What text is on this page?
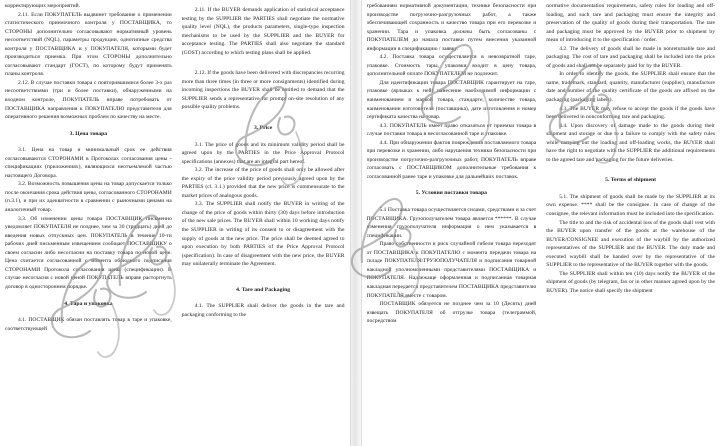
корректирующих мероприятий.

2.11. Если ПОКУПАТЕЛЬ выдвинет требование о применении статистического приемочного контроля у ПОСТАВЩИКА, то СТОРОНЫ дополнительно согласовывают нормативный уровень несоответствий (NQL), параметры продукции, однотипные средства контроля у ПОСТАВЩИКА и у ПОКУПАТЕЛЯ, которыми будет производиться приемка. При этом СТОРОНЫ дополнительно согласовывают стандарт (ГОСТ), по которому будут применять планы контроля.

2.12. В случае поставки товара с повторившимися более 3-х раз несоответствиями (три и более поставки), обнаруженными на входном контроле, ПОКУПАТЕЛЬ вправе потребовать от ПОСТАВЩИКА направления к ПОКУПАТЕЛЮ представителя для оперативного решения возможных проблем по качеству на месте.

3. Цена товара

3.1. Цена на товар и минимальный срок ее действия согласовываются СТОРОНАМИ в Протоколах согласования цены - спецификациях (приложениях), являющихся неотъемлемой частью настоящего Договора.

3.2. Возможность повышения цены на товар допускается только после окончания срока действия цены, согласованного СТОРОНАМИ (п.3.1), и при их адекватности в сравнении с рыночными ценами на аналогичный товар.

3.3. Об изменении цены товара ПОСТАВЩИК письменно уведомляет ПОКУПАТЕЛЯ не позднее, чем за 30 (тридцать) дней до введения новых отпускных цен. ПОКУПАТЕЛЬ в течение 10-ти рабочих дней письменным извещением сообщает ПОСТАВЩИКУ о своем согласии либо несогласии на поставку товара по новой цене. Цена считается согласованной с момента обоюдного подписания СТОРОНАМИ Протокола согласования цены (спецификации). В случае несогласия с новой ценой ПОКУПАТЕЛЬ вправе расторгнуть договор в одностороннем порядке.

4. Тара и упаковка

4.1. ПОСТАВЩИК обязан поставлять товар в таре и упаковке, соответствующей

2.11. If the BUYER demands application of statistical acceptance testing by the SUPPLIER the PARTIES shall negotiate the normative quality level (NQL), the products parameters, single-type inspection mechanisms to be used by the SUPPLIER and the BUYER for acceptance testing. The PARTIES shall also negotiate the standard (GOST) according to which testing plans shall be applied.

2.12. If the goods have been delivered with discrepancies recurring more than three times (in three or more consignments) identified during incoming inspections the BUYER shall be entitled to demand that the SUPPLIER sends a representative for prompt on-site resolution of any possible quality problems.

3. Price

3.1. The price of goods and its minimum validity period shall be agreed upon by the PARTIES in the Price Approval Protocol specifications (annexes) that are an integral part hereof.

3.2. The increase of the price of goods shall only be allowed after the expiry of the price validity period previously agreed upon by the PARTIES (cl. 3.1.) provided that the new price is commensurate to the market prices of analogous goods.

3.3. The SUPPLIER shall notify the BUYER in writing of the change of the price of goods within thirty (30) days before introduction of the new sale prices. The BUYER shall within 10 working days notify the SUPPLIER in writing of its consent to or disagreement with the supply of goods at the new price. The price shall be deemed agreed to upon execution by both PARTIES of the Price Approval Protocol (specification). In case of disagreement with the new price, the BUYER may unilaterally terminate the Agreement.

4. Tare and Packaging

4.1. The SUPPLIER shall deliver the goods in the tare and packaging conforming to the

требованиям нормативной документации, технике безопасности при производстве погрузочно-разгрузочных работ, а также обеспечивающей сохранность и качество товара при его перевозке и хранении. Тара и упаковка должны быть согласованы с ПОКУПАТЕЛЕМ до начала поставки путем внесения указанной информации в спецификацию / заявку.

4.2. Поставка товара осуществляется в невозвратной таре, упаковке. Стоимость тары, упаковки входит в цену товара, дополнительной оплате ПОКУПАТЕЛЕМ не подлежит.

Для идентификации товара ПОСТАВЩИК гарантирует на таре, упаковке (ярлыках к ней) нанесение наобходимой информации с наименованием и маркой товара, стандарте, количестве товара, наименовании изготовителя (поставщика), дате изготовления и номер сертификата качества на товар.

4.3. ПОКУПАТЕЛЬ имеет право отказаться от приемки товара в случае поставки товара в несогласованной таре и упаковке.

4.4. При обнаружении фактов повреждения поставляемого товара при перевозке и хранении, либо нарушения техники безопасности при производстве погрузочно-разгрузочных работ, ПОКУПАТЕЛЬ вправе согласовать с ПОСТАВЩИКОМ дополнительные требования к согласованной ранее таре и упаковке для дальнейших поставок.

5. Условия поставки товара

5.1 Поставка товара осуществляется силами, средствами и за счет ПОСТАВЩИКА. Грузополучателем товара является ******. В случае изменения грузополучателя информация о нем указывается в спецификации.

Право собственности и риск случайной гибели товара переходят от ПОСТАВЩИКА к ПОКУПАТЕЛЮ с момента передачи товара на складе ПОКУПАТЕЛЯ/ГРУЗОПОЛУЧАТЕЛЯ и подписания товарной накладной уполномоченными представителями ПОСТАВЩИКА и ПОКУПАТЕЛЯ. Надлежаще оформленная и подписанная товарная накладная передается представителем ПОСТАВЩИКА представителю ПОКУПАТЕЛЯ вместе с товаром.

ПОСТАВЩИК обязуется не позднее чем за 10 (Десять) дней извещать ПОКУПАТЕЛЯ об отгрузке товара (телеграммой, посредством

normative documentation requirements, safety rules for loading and off-loading, and such tare and packaging must ensure the integrity and preservation of the quality of goods during their transportation. The tare and packaging must be approved by the BUYER prior to shipment by mean of introducing it to the specification / order.

4.2. The delivery of goods shall be made in nonreturnable tare and packaging. The cost of tare and packaging shall be included into the price of goods and shall not be separately paid for by the BUYER.

In order to identify the goods, the SUPPLIER shall ensure that the name, trademark, standard, quantity, manufacturer (supplier), manufacture date and number of the quality certificate of the goods are affixed on the packaging (packaging labels).

4.3. The BUYER may refuse to accept the goods if the goods have been delivered in nonconforming tare and packaging.

4.4. Upon discovery of damage made to the goods during their shipment and storage or due to a failure to comply with the safety rules while carrying out the loading and off-loading works, the BUYER shall have the right to negotiate with the SUPPLIER the additional requirements to the agreed tare and packaging for the future deliveries.

5. Terms of shipment

5.1. The shipment of goods shall be made by the SUPPLIER at its own expense. **** shall be the consignee. In case of change of the consignee, the relevant information must be included into the specification.

The title to and the risk of accidental loss of the goods shall vest with the BUYER upon transfer of the goods at the warehouse of the BUYER/CONSIGNEE and execution of the waybill by the authorized representatives of the SUPPLIER and the BUYER. The duly made and executed waybill shall be handed over by the representative of the SUPPLIER to the representative of the BUYER together with the goods.

The SUPPLIER shall within ten (10) days notify the BUYER of the shipment of goods (by telegram, fax or in other manner agreed upon by the BUYER). The notice shall specify the shipment
